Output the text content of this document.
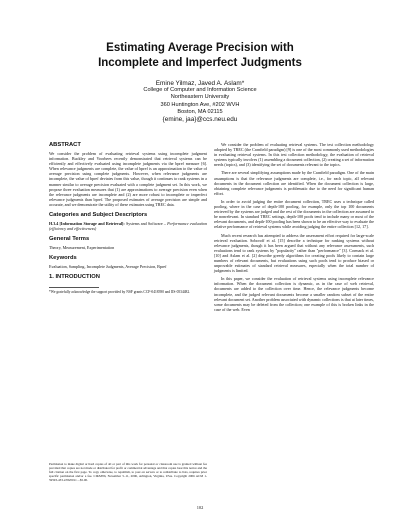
Estimating Average Precision with
Incomplete and Imperfect Judgments
Emine Yilmaz, Javed A. Aslam*
College of Computer and Information Science
Northeastern University
360 Huntington Ave, #202 WVH
Boston, MA 02115
{emine, jaa}@ccs.neu.edu
ABSTRACT

We consider the problem of evaluating retrieval systems using incomplete judgment information. Buckley and Voorhees recently demonstrated that retrieval systems can be efficiently and effectively evaluated using incomplete judgments via the bpref measure [6]. When relevance judgments are complete, the value of bpref is an approximation to the value of average precision using complete judgments. However, when relevance judgments are incomplete, the value of bpref deviates from this value, though it continues to rank systems in a manner similar to average precision evaluated with a complete judgment set. In this work, we propose three evaluation measures that (1) are approximations to average precision even when the relevance judgments are incomplete and (2) are more robust to incomplete or imperfect relevance judgments than bpref. The proposed estimates of average precision are simple and accurate, and we demonstrate the utility of these estimates using TREC data.

Categories and Subject Descriptors

H.3.4 [Information Storage and Retrieval]: Systems and Software – Performance evaluation (efficiency and effectiveness)

General Terms

Theory, Measurement, Experimentation

Keywords

Evaluation, Sampling, Incomplete Judgments, Average Precision, Bpref

1. INTRODUCTION
*We gratefully acknowledge the support provided by NSF grants CCF-0418390 and IIS-0534482.
Permission to make digital or hard copies of all or part of this work for personal or classroom use is granted without fee provided that copies are not made or distributed for profit or commercial advantage and that copies bear this notice and the full citation on the first page. To copy otherwise, to republish, to post on servers or to redistribute to lists, requires prior specific permission and/or a fee. CIKM'06, November 5–11, 2006, Arlington, Virginia, USA. Copyright 2006 ACM 1-59593-433-2/06/0011 ...$5.00.

We consider the problem of evaluating retrieval systems. The test collection methodology adopted by TREC (the Cranfield paradigm) [9] is one of the most commonly used methodologies in evaluating retrieval systems. In this test collection methodology, the evaluation of retrieval systems typically involves (1) assembling a document collection, (2) creating a set of information needs (topics), and (3) identifying the set of documents relevant to the topics.

There are several simplifying assumptions made by the Cranfield paradigm. One of the main assumptions is that the relevance judgments are complete, i.e., for each topic, all relevant documents in the document collection are identified. When the document collection is large, obtaining complete relevance judgments is problematic due to the need for significant human effort.

In order to avoid judging the entire document collection, TREC uses a technique called pooling, where in the case of depth-100 pooling, for example, only the top 100 documents retrieved by the systems are judged and the rest of the documents in the collection are assumed to be nonrelevant. In standard TREC settings, depth-100 pools tend to include many or most of the relevant documents, and depth-100 pooling has been shown to be an effective way to evaluate the relative performance of retrieval systems while avoiding judging the entire collection [12, 17].

Much recent research has attempted to address the assessment effort required for large-scale retrieval evaluation. Soboroff et al. [15] describe a technique for ranking systems without relevance judgments, though it has been argued that without any relevance assessments, such evaluations tend to rank systems by "popularity" rather than "performance" [3]. Cormack et al. [10] and Aslam et al. [2] describe greedy algorithms for creating pools likely to contain large numbers of relevant documents, but evaluations using such pools tend to produce biased or unprovable estimates of standard retrieval measures, especially when the total number of judgments is limited.

In this paper, we consider the evaluation of retrieval systems using incomplete relevance information. When the document collection is dynamic, as in the case of web retrieval, documents are added to the collection over time. Hence, the relevance judgments become incomplete, and the judged relevant documents become a smaller random subset of the entire relevant document set. Another problem associated with dynamic collections is that at later times, some documents may be deleted from the collection; one example of this is broken links in the case of the web. Even

102
